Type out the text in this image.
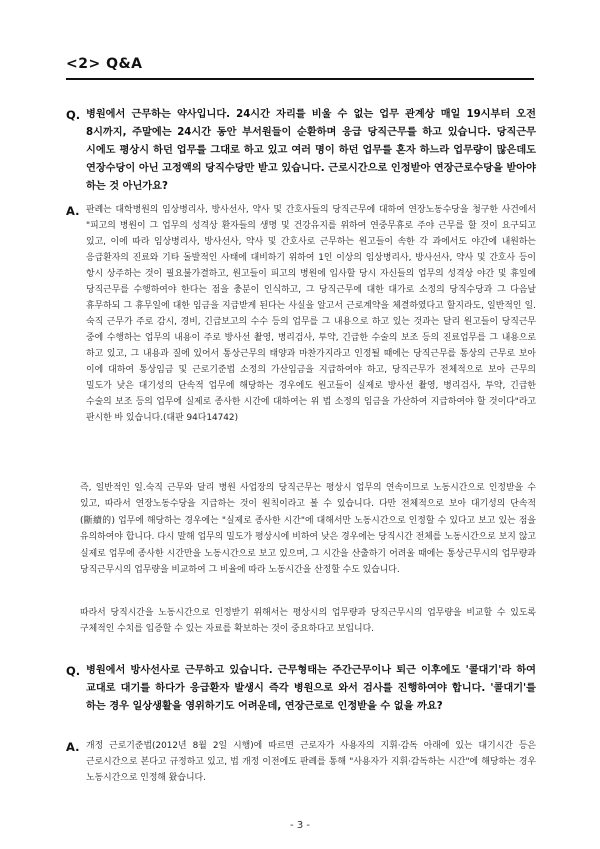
<2> Q&A
Q. 병원에서 근무하는 약사입니다. 24시간 자리를 비울 수 없는 업무 관계상 매일 19시부터 오전 8시까지, 주말에는 24시간 동안 부서원들이 순환하며 응급 당직근무를 하고 있습니다. 당직근무 시에도 평상시 하던 업무를 그대로 하고 있고 여러 명이 하던 업무를 혼자 하느라 업무량이 많은데도 연장수당이 아닌 고정액의 당직수당만 받고 있습니다. 근로시간으로 인정받아 연장근로수당을 받아야 하는 것 아닌가요?
A. 판례는 대학병원의 임상병리사, 방사선사, 약사 및 간호사들의 당직근무에 대하여 연장노동수당을 청구한 사건에서 "피고의 병원이 그 업무의 성격상 환자들의 생명 및 건강유지를 위하여 연중무휴로 주야 근무를 할 것이 요구되고 있고, 이에 따라 임상병리사, 방사선사, 약사 및 간호사로 근무하는 원고들이 속한 각 과에서도 야간에 내원하는 응급환자의 진료와 기타 돌발적인 사태에 대비하기 위하여 1인 이상의 임상병리사, 방사선사, 약사 및 간호사 등이 항시 상주하는 것이 필요불가결하고, 원고들이 피고의 병원에 입사할 당시 자신들의 업무의 성격상 야간 및 휴일에 당직근무를 수행하여야 한다는 점을 충분이 인식하고, 그 당직근무에 대한 대가로 소정의 당직수당과 그 다음날 휴무하되 그 휴무일에 대한 임금을 지급받게 된다는 사실을 알고서 근로계약을 체결하였다고 할지라도, 일반적인 일.숙직 근무가 주로 감시, 경비, 긴급보고의 수수 등의 업무를 그 내용으로 하고 있는 것과는 달리 원고들이 당직근무 중에 수행하는 업무의 내용이 주로 방사선 촬영, 병리검사, 투약, 긴급한 수술의 보조 등의 진료업무를 그 내용으로 하고 있고, 그 내용과 질에 있어서 통상근무의 태양과 마찬가지라고 인정될 때에는 당직근무를 통상의 근무로 보아 이에 대하여 통상임금 및 근로기준법 소정의 가산임금을 지급하여야 하고, 당직근무가 전체적으로 보아 근무의 밀도가 낮은 대기성의 단속적 업무에 해당하는 경우에도 원고들이 실제로 방사선 촬영, 병리검사, 투약, 긴급한 수술의 보조 등의 업무에 실제로 종사한 시간에 대하여는 위 법 소정의 임금을 가산하여 지급하여야 할 것이다"라고 판시한 바 있습니다.(대판 94다14742)

즉, 일반적인 일.숙직 근무와 달리 병원 사업장의 당직근무는 평상시 업무의 연속이므로 노동시간으로 인정받을 수 있고, 따라서 연장노동수당을 지급하는 것이 원칙이라고 볼 수 있습니다. 다만 전체적으로 보아 대기성의 단속적(斷續的) 업무에 해당하는 경우에는 "실제로 종사한 시간"에 대해서만 노동시간으로 인정할 수 있다고 보고 있는 점을 유의하여야 합니다. 다시 말해 업무의 밀도가 평상시에 비하여 낮은 경우에는 당직시간 전체를 노동시간으로 보지 않고 실제로 업무에 종사한 시간만을 노동시간으로 보고 있으며, 그 시간을 산출하기 어려울 때에는 통상근무시의 업무량과 당직근무시의 업무량을 비교하여 그 비율에 따라 노동시간을 산정할 수도 있습니다.

따라서 당직시간을 노동시간으로 인정받기 위해서는 평상시의 업무량과 당직근무시의 업무량을 비교할 수 있도록 구체적인 수치를 입증할 수 있는 자료를 확보하는 것이 중요하다고 보입니다.

Q. 병원에서 방사선사로 근무하고 있습니다. 근무형태는 주간근무이나 퇴근 이후에도 '콜대기'라 하여 교대로 대기를 하다가 응급환자 발생시 즉각 병원으로 와서 검사를 진행하여야 합니다. '콜대기'를 하는 경우 일상생활을 영위하기도 어려운데, 연장근로로 인정받을 수 없을 까요?
A. 개정 근로기준법(2012년 8월 2일 시행)에 따르면 근로자가 사용자의 지휘·감독 아래에 있는 대기시간 등은 근로시간으로 본다고 규정하고 있고, 법 개정 이전에도 판례를 통해 "사용자가 지휘·감독하는 시간"에 해당하는 경우 노동시간으로 인정해 왔습니다.
- 3 -
